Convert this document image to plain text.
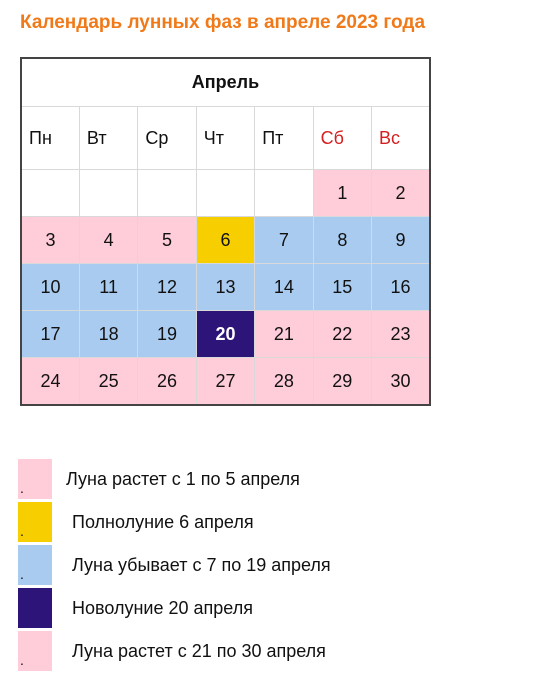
Календарь лунных фаз в апреле 2023 года
Апрель						
Пн	Вт	Ср	Чт	Пт	Сб	Вс
					1	2
3	4	5	6	7	8	9
10	11	12	13	14	15	16
17	18	19	20	21	22	23
24	25	26	27	28	29	30
. Луна растет с 1 по 5 апреля
.	Полнолуние 6 апреля
.	Луна убывает с 7 по 19 апреля
Новолуние 20 апреля
.	Луна растет с 21 по 30 апреля
